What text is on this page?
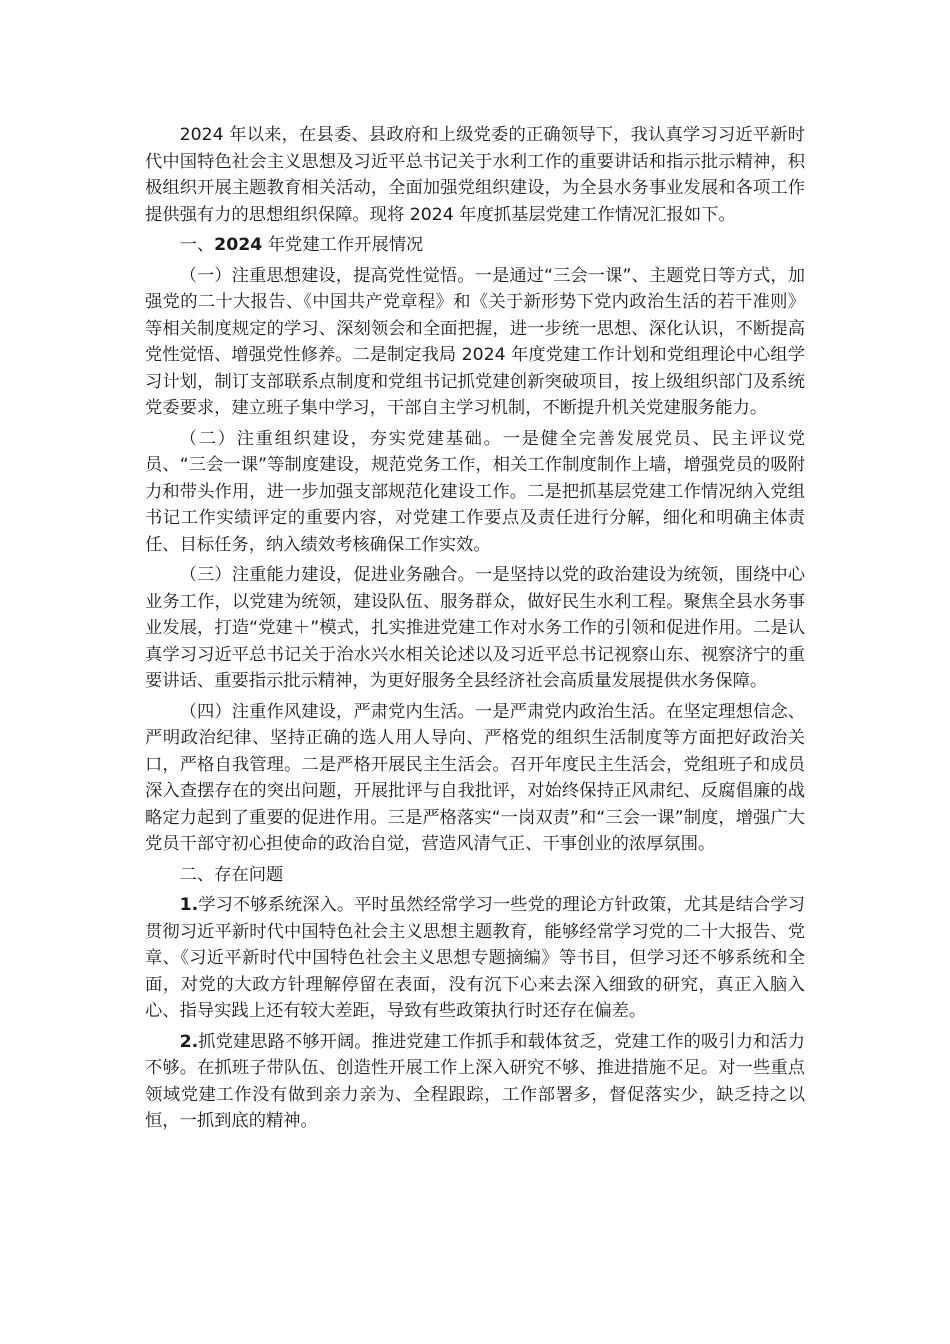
2024 年以来，在县委、县政府和上级党委的正确领导下，我认真学习习近平新时代中国特色社会主义思想及习近平总书记关于水利工作的重要讲话和指示批示精神，积极组织开展主题教育相关活动，全面加强党组织建设，为全县水务事业发展和各项工作提供强有力的思想组织保障。现将 2024 年度抓基层党建工作情况汇报如下。

一、2024 年党建工作开展情况

（一）注重思想建设，提高党性觉悟。一是通过“三会一课”、主题党日等方式，加强党的二十大报告、《中国共产党章程》和《关于新形势下党内政治生活的若干准则》等相关制度规定的学习、深刻领会和全面把握，进一步统一思想、深化认识，不断提高党性觉悟、增强党性修养。二是制定我局 2024 年度党建工作计划和党组理论中心组学习计划，制订支部联系点制度和党组书记抓党建创新突破项目，按上级组织部门及系统党委要求，建立班子集中学习，干部自主学习机制，不断提升机关党建服务能力。

（二）注重组织建设，夯实党建基础。一是健全完善发展党员、民主评议党员、“三会一课”等制度建设，规范党务工作，相关工作制度制作上墙，增强党员的吸附力和带头作用，进一步加强支部规范化建设工作。二是把抓基层党建工作情况纳入党组书记工作实绩评定的重要内容，对党建工作要点及责任进行分解，细化和明确主体责任、目标任务，纳入绩效考核确保工作实效。

（三）注重能力建设，促进业务融合。一是坚持以党的政治建设为统领，围绕中心业务工作，以党建为统领，建设队伍、服务群众，做好民生水利工程。聚焦全县水务事业发展，打造“党建＋”模式，扎实推进党建工作对水务工作的引领和促进作用。二是认真学习习近平总书记关于治水兴水相关论述以及习近平总书记视察山东、视察济宁的重要讲话、重要指示批示精神，为更好服务全县经济社会高质量发展提供水务保障。

（四）注重作风建设，严肃党内生活。一是严肃党内政治生活。在坚定理想信念、严明政治纪律、坚持正确的选人用人导向、严格党的组织生活制度等方面把好政治关口，严格自我管理。二是严格开展民主生活会。召开年度民主生活会，党组班子和成员深入查摆存在的突出问题，开展批评与自我批评，对始终保持正风肃纪、反腐倡廉的战略定力起到了重要的促进作用。三是严格落实“一岗双责”和“三会一课”制度，增强广大党员干部守初心担使命的政治自觉，营造风清气正、干事创业的浓厚氛围。

二、存在问题

1.学习不够系统深入。平时虽然经常学习一些党的理论方针政策，尤其是结合学习贯彻习近平新时代中国特色社会主义思想主题教育，能够经常学习党的二十大报告、党章、《习近平新时代中国特色社会主义思想专题摘编》等书目，但学习还不够系统和全面，对党的大政方针理解停留在表面，没有沉下心来去深入细致的研究，真正入脑入心、指导实践上还有较大差距，导致有些政策执行时还存在偏差。

2.抓党建思路不够开阔。推进党建工作抓手和载体贫乏，党建工作的吸引力和活力不够。在抓班子带队伍、创造性开展工作上深入研究不够、推进措施不足。对一些重点领域党建工作没有做到亲力亲为、全程跟踪，工作部署多，督促落实少，缺乏持之以恒，一抓到底的精神。
